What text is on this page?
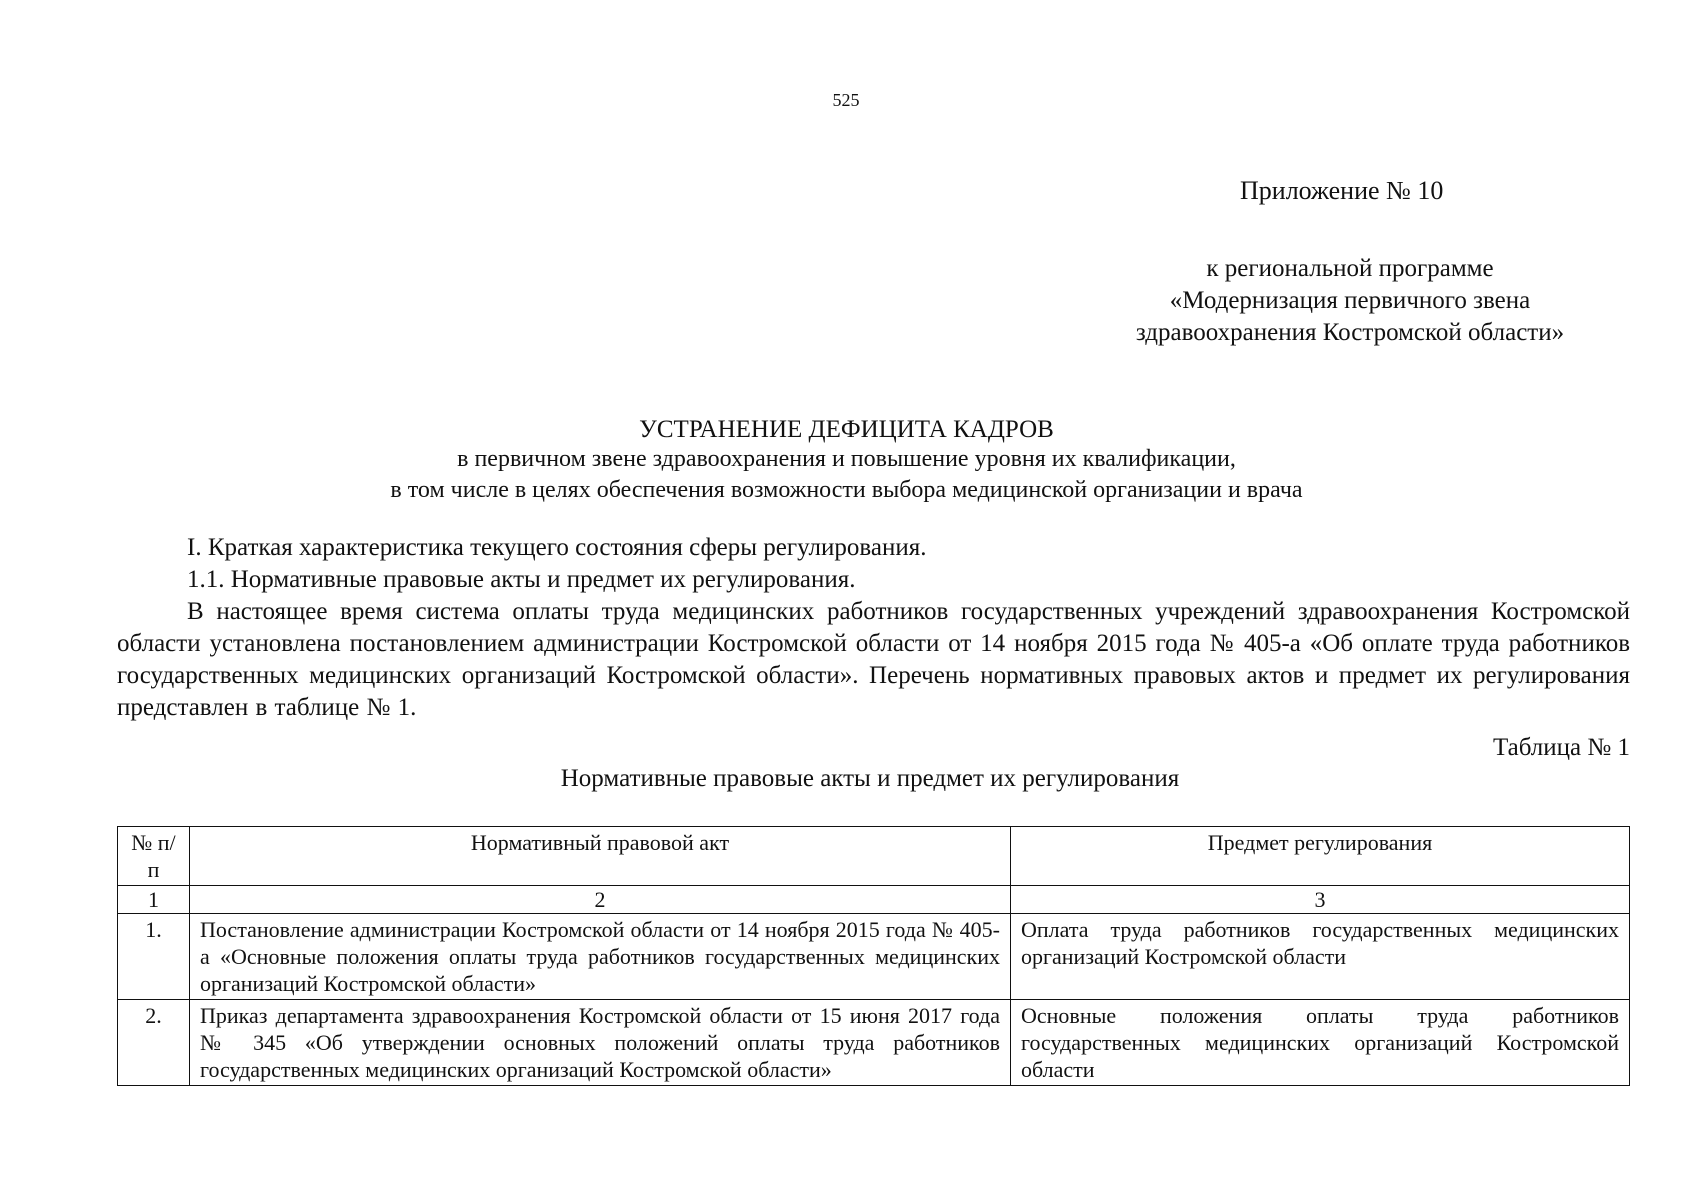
525
Приложение № 10
к региональной программе
«Модернизация первичного звена
здравоохранения Костромской области»
УСТРАНЕНИЕ ДЕФИЦИТА КАДРОВ
в первичном звене здравоохранения и повышение уровня их квалификации,
в том числе в целях обеспечения возможности выбора медицинской организации и врача
I. Краткая характеристика текущего состояния сферы регулирования.
1.1. Нормативные правовые акты и предмет их регулирования.
В настоящее время система оплаты труда медицинских работников государственных учреждений здравоохранения Костромской области установлена постановлением администрации Костромской области от 14 ноября 2015 года № 405-а «Об оплате труда работников государственных медицинских организаций Костромской области». Перечень нормативных правовых актов и предмет их регулирования представлен в таблице № 1.
Таблица № 1
Нормативные правовые акты и предмет их регулирования
№ п/п	Нормативный правовой акт	Предмет регулирования
1	2	3
1.	Постановление администрации Костромской области от 14 ноября 2015 года № 405-а «Основные положения оплаты труда работников государственных медицинских организаций Костромской области»	Оплата труда работников государственных медицинских организаций Костромской области
2.	Приказ департамента здравоохранения Костромской области от 15 июня 2017 года № 345 «Об утверждении основных положений оплаты труда работников государственных медицинских организаций Костромской области»	Основные положения оплаты труда работников государственных медицинских организаций Костромской области
